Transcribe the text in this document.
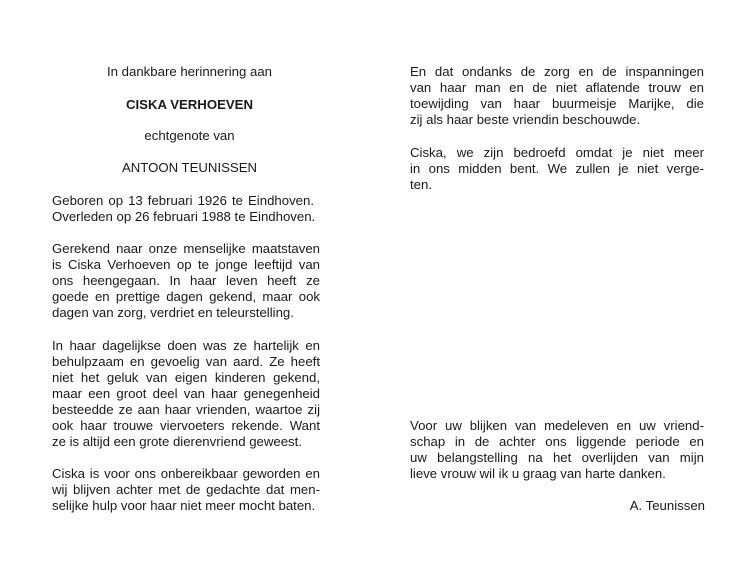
In dankbare herinnering aan
CISKA VERHOEVEN
echtgenote van
ANTOON TEUNISSEN
Geboren op 13 februari 1926 te Eindhoven.
Overleden op 26 februari 1988 te Eindhoven.
Gerekend naar onze menselijke maatstaven
is Ciska Verhoeven op te jonge leeftijd van
ons heengegaan. In haar leven heeft ze
goede en prettige dagen gekend, maar ook
dagen van zorg, verdriet en teleurstelling.
In haar dagelijkse doen was ze hartelijk en
behulpzaam en gevoelig van aard. Ze heeft
niet het geluk van eigen kinderen gekend,
maar een groot deel van haar genegenheid
besteedde ze aan haar vrienden, waartoe zij
ook haar trouwe viervoeters rekende. Want
ze is altijd een grote dierenvriend geweest.
Ciska is voor ons onbereikbaar geworden en
wij blijven achter met de gedachte dat men-
selijke hulp voor haar niet meer mocht baten.
En dat ondanks de zorg en de inspanningen
van haar man en de niet aflatende trouw en
toewijding van haar buurmeisje Marijke, die
zij als haar beste vriendin beschouwde.
Ciska, we zijn bedroefd omdat je niet meer
in ons midden bent. We zullen je niet verge-
ten.
Voor uw blijken van medeleven en uw vriend-
schap in de achter ons liggende periode en
uw belangstelling na het overlijden van mijn
lieve vrouw wil ik u graag van harte danken.
A. Teunissen
